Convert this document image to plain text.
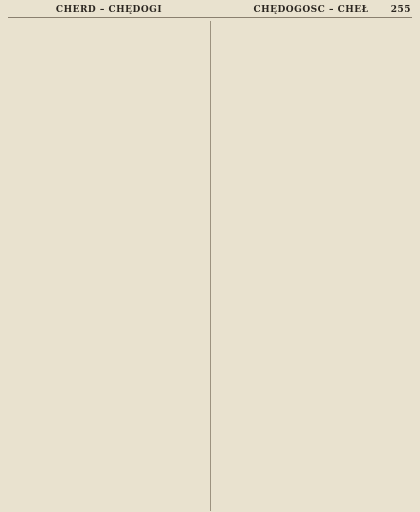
CHERD – CHĘDOGI	CHĘDOGOSC – CHEŁ	255
